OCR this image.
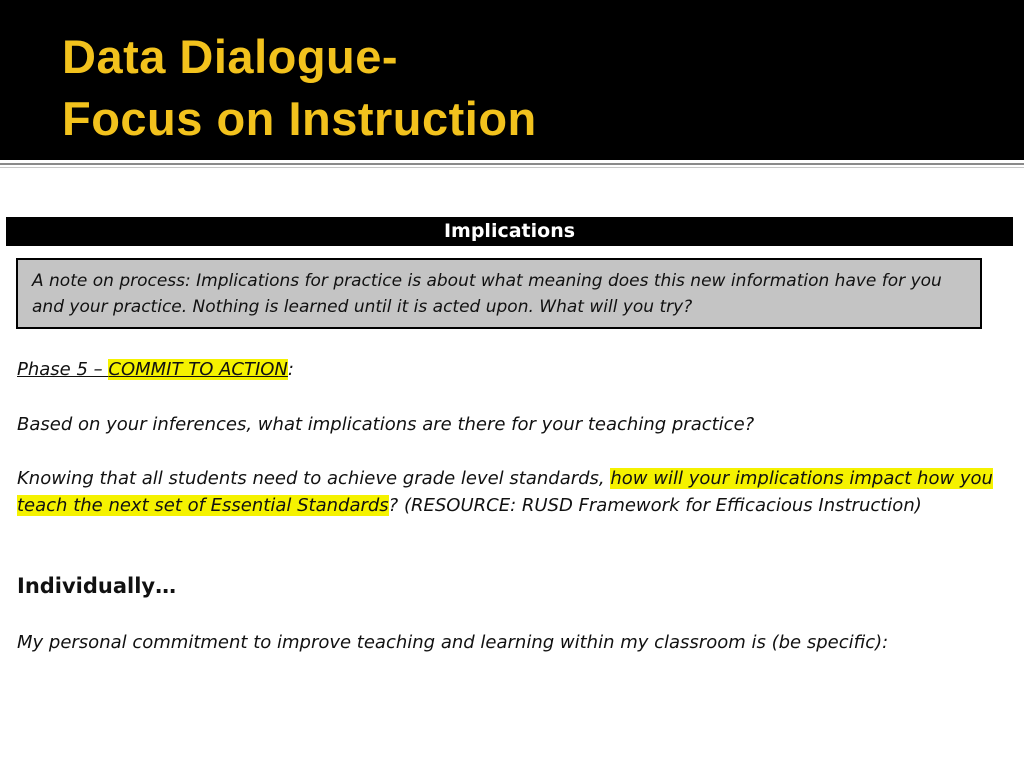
Data Dialogue-
Focus on Instruction
Implications
A note on process: Implications for practice is about what meaning does this new information have for you and your practice. Nothing is learned until it is acted upon. What will you try?

Phase 5 – COMMIT TO ACTION:

Based on your inferences, what implications are there for your teaching practice?

Knowing that all students need to achieve grade level standards, how will your implications impact how you
teach the next set of Essential Standards? (RESOURCE: RUSD Framework for Efficacious Instruction)

Individually…

My personal commitment to improve teaching and learning within my classroom is (be specific):
